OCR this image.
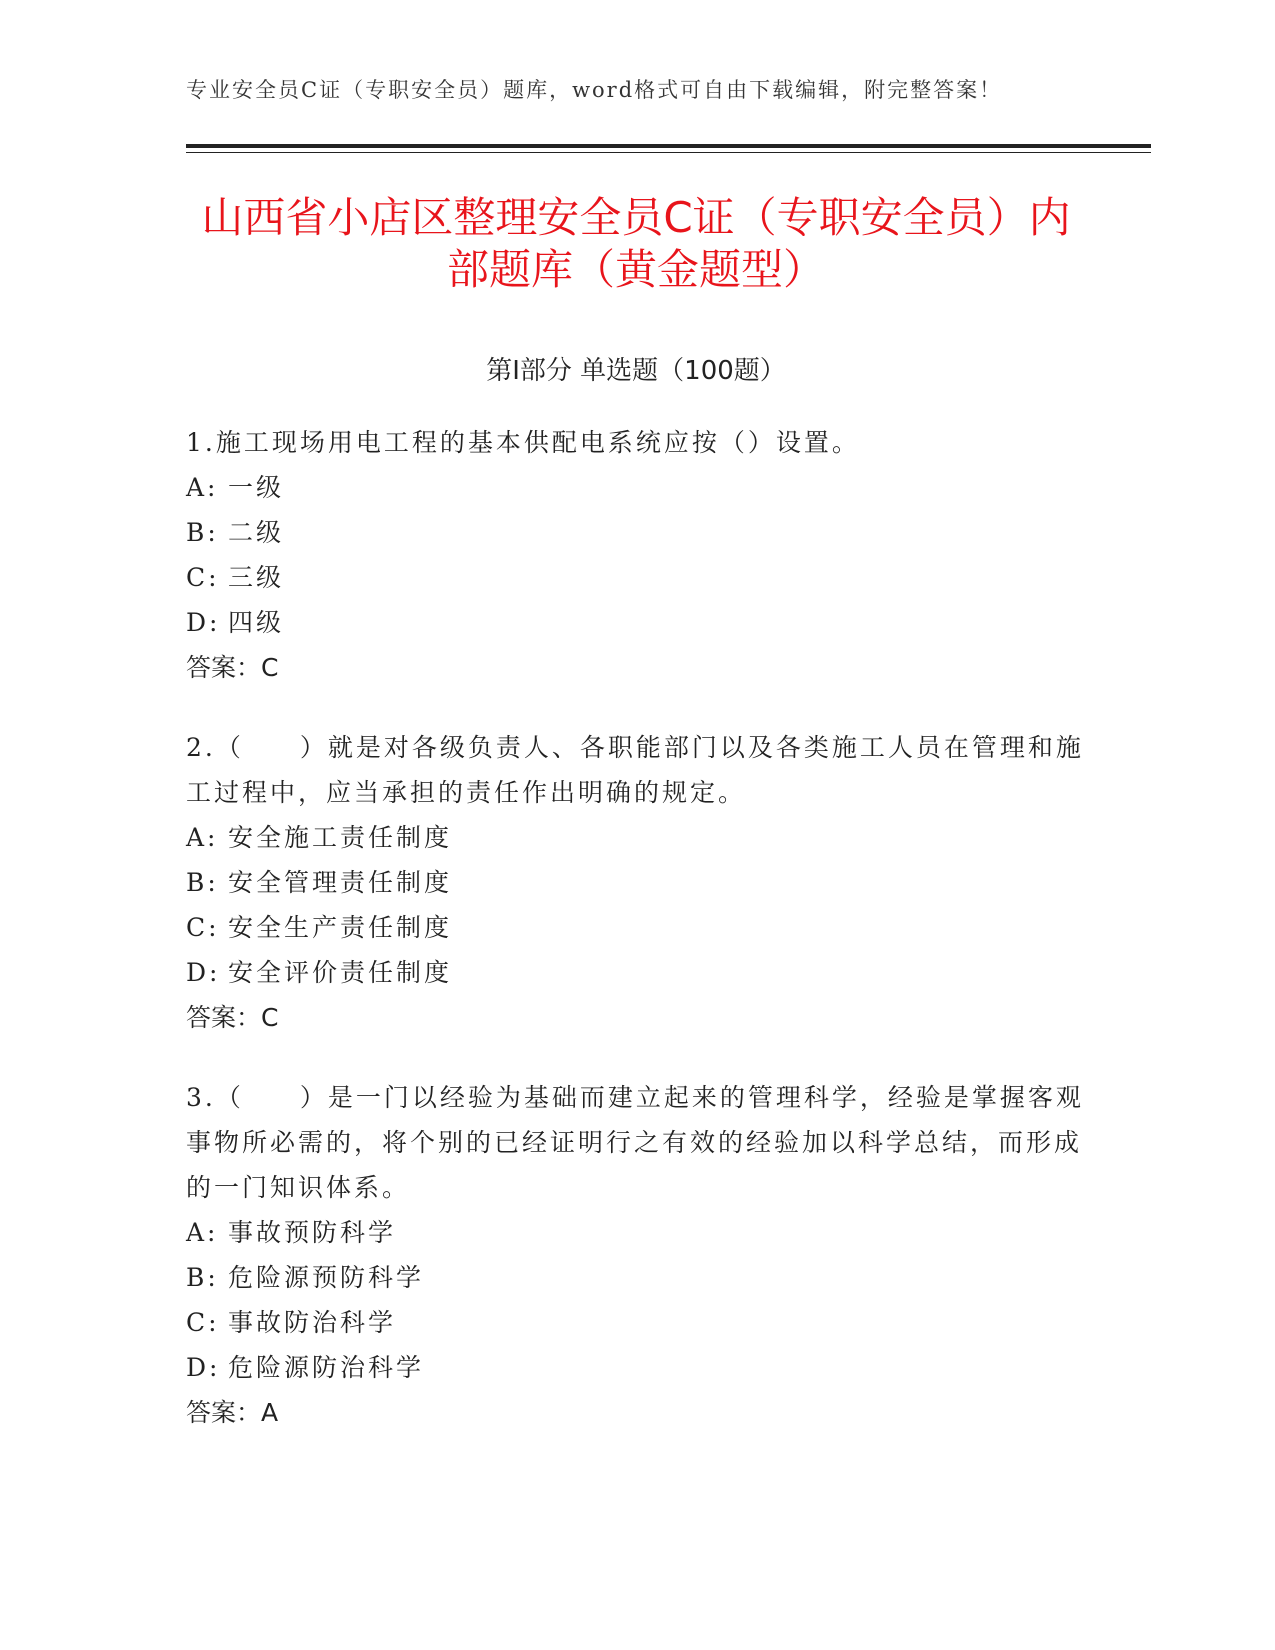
专业安全员C证（专职安全员）题库，word格式可自由下载编辑，附完整答案！
山西省小店区整理安全员C证（专职安全员）内部题库（黄金题型）
第Ⅰ部分 单选题（100题）

1.施工现场用电工程的基本供配电系统应按（）设置。

A: 一级

B: 二级

C: 三级

D: 四级

答案：C

2.（　　）就是对各级负责人、各职能部门以及各类施工人员在管理和施工过程中，应当承担的责任作出明确的规定。

A: 安全施工责任制度

B: 安全管理责任制度

C: 安全生产责任制度

D: 安全评价责任制度

答案：C

3.（　　）是一门以经验为基础而建立起来的管理科学，经验是掌握客观事物所必需的，将个别的已经证明行之有效的经验加以科学总结，而形成的一门知识体系。

A: 事故预防科学

B: 危险源预防科学

C: 事故防治科学

D: 危险源防治科学

答案：A
